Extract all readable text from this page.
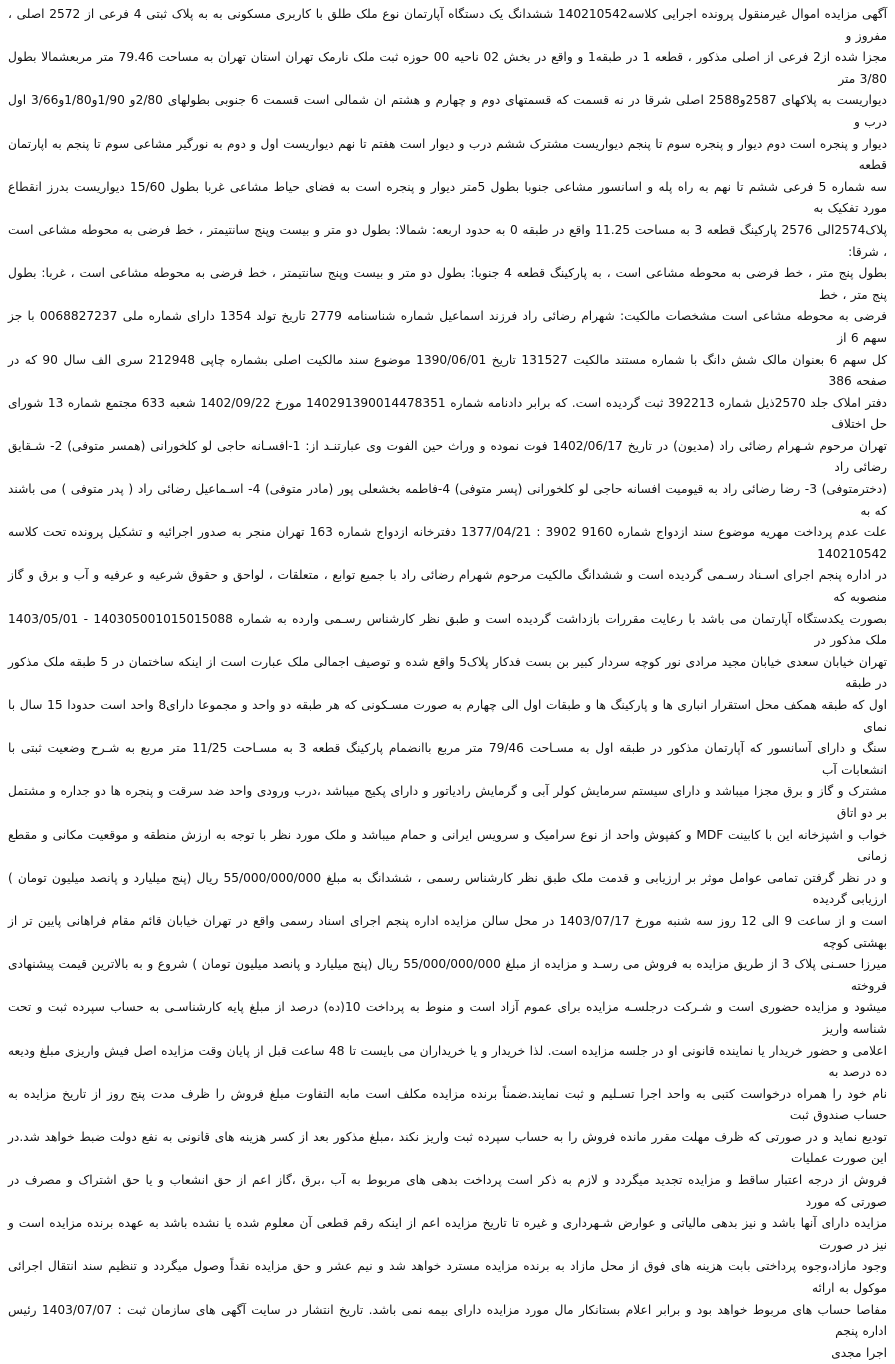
آگهی مزایده اموال غیرمنقول پرونده اجرایی کلاسه140210542 ششدانگ یک دستگاه آپارتمان نوع ملک طلق با کاربری مسکونی به به پلاک ثبتی 4 فرعی از 2572 اصلی ، مفروز و
مجزا شده از2 فرعی از اصلی مذکور ، قطعه 1 در طبقه1 و واقع در بخش 02 ناحیه 00 حوزه ثبت ملک نارمک تهران استان تهران به مساحت 79.46 متر مربعشمالا بطول 3/80 متر
دیواریست به پلاکهای 2587و2588 اصلی شرقا در نه قسمت که قسمتهای دوم و چهارم و هشتم ان شمالی است قسمت 6 جنوبی بطولهای 2/80و 1/90و1/80و3/66 اول درب و
دیوار و پنجره است دوم دیوار و پنجره سوم تا پنجم دیواریست مشترک ششم درب و دیوار است هفتم تا نهم دیواریست اول و دوم به نورگیر مشاعی سوم تا پنجم به اپارتمان قطعه
سه شماره 5 فرعی ششم تا نهم به راه پله و اسانسور مشاعی جنوبا بطول 5متر دیوار و پنجره است به فضای حیاط مشاعی غربا بطول 15/60 دیواریست بدرز انقطاع مورد تفکیک به
پلاک2574الی 2576 پارکینگ قطعه 3 به مساحت 11.25 واقع در طبقه 0 به حدود اربعه: شمالا: بطول دو متر و بیست وپنج سانتیمتر ، خط فرضی به محوطه مشاعی است ، شرقا:
بطول پنج متر ، خط فرضی به محوطه مشاعی است ، به پارکینگ قطعه 4 جنوبا: بطول دو متر و بیست وپنج سانتیمتر ، خط فرضی به محوطه مشاعی است ، غربا: بطول پنج متر ، خط
فرضی به محوطه مشاعی است مشخصات مالکیت: شهرام رضائی راد فرزند اسماعیل شماره شناسنامه 2779 تاریخ تولد 1354 دارای شماره ملی 0068827237 با جز سهم 6 از
کل سهم 6 بعنوان مالک شش دانگ با شماره مستند مالکیت 131527 تاریخ 1390/06/01 موضوع سند مالکیت اصلی بشماره چاپی 212948 سری الف سال 90 که در صفحه 386
دفتر املاک جلد 2570ذیل شماره 392213 ثبت گردیده است. که برابر دادنامه شماره 140291390014478351 مورخ 1402/09/22 شعبه 633 مجتمع شماره 13 شورای حل اختلاف
تهران مرحوم شـهرام رضائی راد (مدیون) در تاریخ 1402/06/17 فوت نموده و وراث حین الفوت وی عبارتنـد از: 1-افسـانه حاجی لو کلخورانی (همسر متوفی) 2- شـقایق رضائی راد
(دخترمتوفی) 3- رضا رضائی راد به قیومیت افسانه حاجی لو کلخورانی (پسر متوفی) 4-فاطمه بخشعلی پور (مادر متوفی) 4- اسـماعیل رضائی راد ( پدر متوفی ) می باشند که به
علت عدم پرداخت مهریه موضوع سند ازدواج شماره 9160 3902 : 1377/04/21 دفترخانه ازدواج شماره 163 تهران منجر به صدور اجرائیه و تشکیل پرونده تحت کلاسه 140210542
در اداره پنجم اجرای اسـناد رسـمی گردیده است و ششدانگ مالکیت مرحوم شهرام رضائی راد با جمیع توابع ، متعلقات ، لواحق و حقوق شرعیه و عرفیه و آب و برق و گاز منصوبه که
بصورت یکدستگاه آپارتمان می باشد با رعایت مقررات بازداشت گردیده است و طبق نظر کارشناس رسـمی وارده به شماره 140305001015015088 - 1403/05/01 ملک مذکور در
تهران خیابان سعدی خیابان مجید مرادی نور کوچه سردار کبیر بن بست فدکار پلاک5 واقع شده و توصیف اجمالی ملک عبارت است از اینکه ساختمان در 5 طبقه ملک مذکور در طبقه
اول که طبقه همکف محل استقرار انباری ها و پارکینگ ها و طبقات اول الی چهارم به صورت مسـکونی که هر طبقه دو واحد و مجموعا دارای8 واحد است حدودا 15 سال با نمای
سنگ و دارای آسانسور که آپارتمان مذکور در طبقه اول به مسـاحت 79/46 متر مربع باانضمام پارکینگ قطعه 3 به مسـاحت 11/25 متر مربع به شـرح وضعیت ثبتی با انشعابات آب
مشترک و گاز و برق مجزا میباشد و دارای سیستم سرمایش کولر آبی و گرمایش رادیاتور و دارای پکیج میباشد ،درب ورودی واحد ضد سرقت و پنجره ها دو جداره و مشتمل بر دو اتاق
خواب و اشپزخانه این با کابینت MDF و کفپوش واحد از نوع سرامیک و سرویس ایرانی و حمام میباشد و ملک مورد نظر با توجه به ارزش منطقه و موقعیت مکانی و مقطع زمانی
و در نظر گرفتن تمامی عوامل موثر بر ارزیابی و قدمت ملک طبق نظر کارشناس رسمی ، ششدانگ به مبلغ 55/000/000/000 ریال (پنج میلیارد و پانصد میلیون تومان ) ارزیابی گردیده
است و از ساعت 9 الی 12 روز سه شنبه مورخ 1403/07/17 در محل سالن مزایده اداره پنجم اجرای اسناد رسمی واقع در تهران خیابان قائم مقام فراهانی پایین تر از بهشتی کوچه
میرزا حسـنی پلاک 3 از طریق مزایده به فروش می رسـد و مزایده از مبلغ 55/000/000/000 ریال (پنج میلیارد و پانصد میلیون تومان ) شروع و به بالاترین قیمت پیشنهادی فروخته
میشود و مزایده حضوری است و شـرکت درجلسـه مزایده برای عموم آزاد است و منوط به پرداخت 10(ده) درصد از مبلغ پایه کارشناسـی به حساب سپرده ثبت و تحت شناسه واریز
اعلامی و حضور خریدار یا نماینده قانونی او در جلسه مزایده است. لذا خریدار و یا خریداران می بایست تا 48 ساعت قبل از پایان وقت مزایده اصل فیش واریزی مبلغ ودیعه ده درصد به
نام خود را همراه درخواست کتبی به واحد اجرا تسـلیم و ثبت نمایند.ضمناً برنده مزایده مکلف است مابه التفاوت مبلغ فروش را ظرف مدت پنج روز از تاریخ مزایده به حساب صندوق ثبت
تودیع نماید و در صورتی که ظرف مهلت مقرر مانده فروش را به حساب سپرده ثبت واریز نکند ،مبلغ مذکور بعد از کسر هزینه های قانونی به نفع دولت ضبط خواهد شد.در این صورت عملیات
فروش از درجه اعتبار ساقط و مزایده تجدید میگردد و لازم به ذکر است پرداخت بدهی های مربوط به آب ،برق ،گاز اعم از حق انشعاب و یا حق اشتراک و مصرف در صورتی که مورد
مزایده دارای آنها باشد و نیز بدهی مالیاتی و عوارض شـهرداری و غیره تا تاریخ مزایده اعم از اینکه رقم قطعی آن معلوم شده یا نشده باشد به عهده برنده مزایده است و نیز در صورت
وجود مازاد،وجوه پرداختی بابت هزینه های فوق از محل مازاد به برنده مزایده مسترد خواهد شد و نیم عشر و حق مزایده نقداً وصول میگردد و تنظیم سند انتقال اجرائی موکول به ارائه
مفاصا حساب های مربوط خواهد بود و برابر اعلام بستانکار مال مورد مزایده دارای بیمه نمی باشد. تاریخ انتشار در سایت آگهی های سازمان ثبت : 1403/07/07 رئیس اداره پنجم
اجرا مجدی
